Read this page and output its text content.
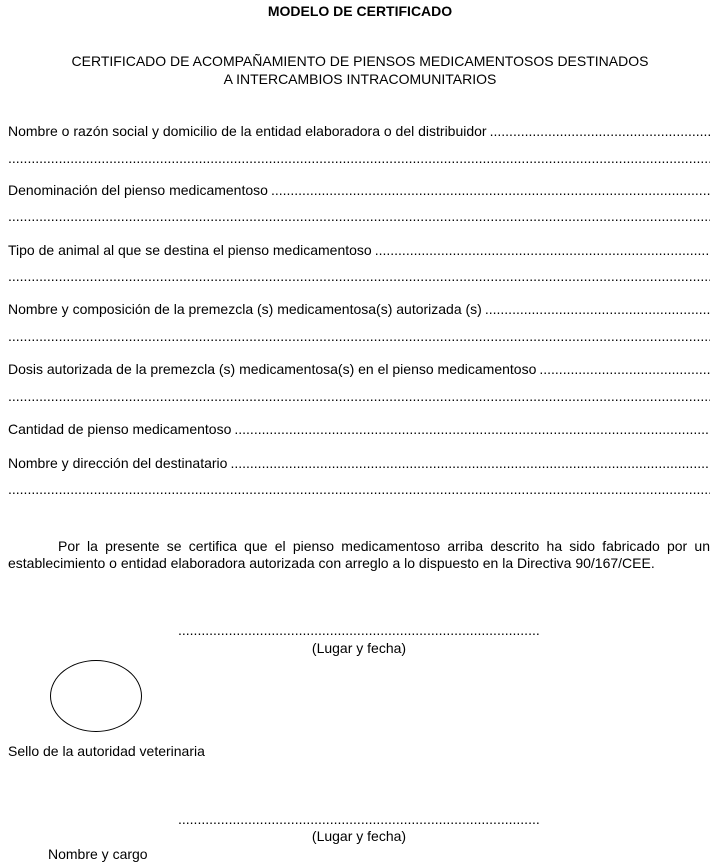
MODELO DE CERTIFICADO
CERTIFICADO DE ACOMPAÑAMIENTO DE PIENSOS MEDICAMENTOSOS DESTINADOS
A INTERCAMBIOS INTRACOMUNITARIOS
Nombre o razón social y domicilio de la entidad elaboradora o del distribuidor
.....
.....
Denominación del pienso medicamentoso
.....
.....
Tipo de animal al que se destina el pienso medicamentoso
.....
.....
Nombre y composición de la premezcla (s) medicamentosa(s) autorizada (s)
.....
.....
Dosis autorizada de la premezcla (s) medicamentosa(s) en el pienso medicamentoso
.....
.....
Cantidad de pienso medicamentoso
.....
Nombre y dirección del destinatario
.....
.....
Por la presente se certifica que el pienso medicamentoso arriba descrito ha sido fabricado por un establecimiento o entidad elaboradora autorizada con arreglo a lo dispuesto en la Directiva 90/167/CEE.
.....
(Lugar y fecha)
Sello de la autoridad veterinaria
.....
(Lugar y fecha)
Nombre y cargo
